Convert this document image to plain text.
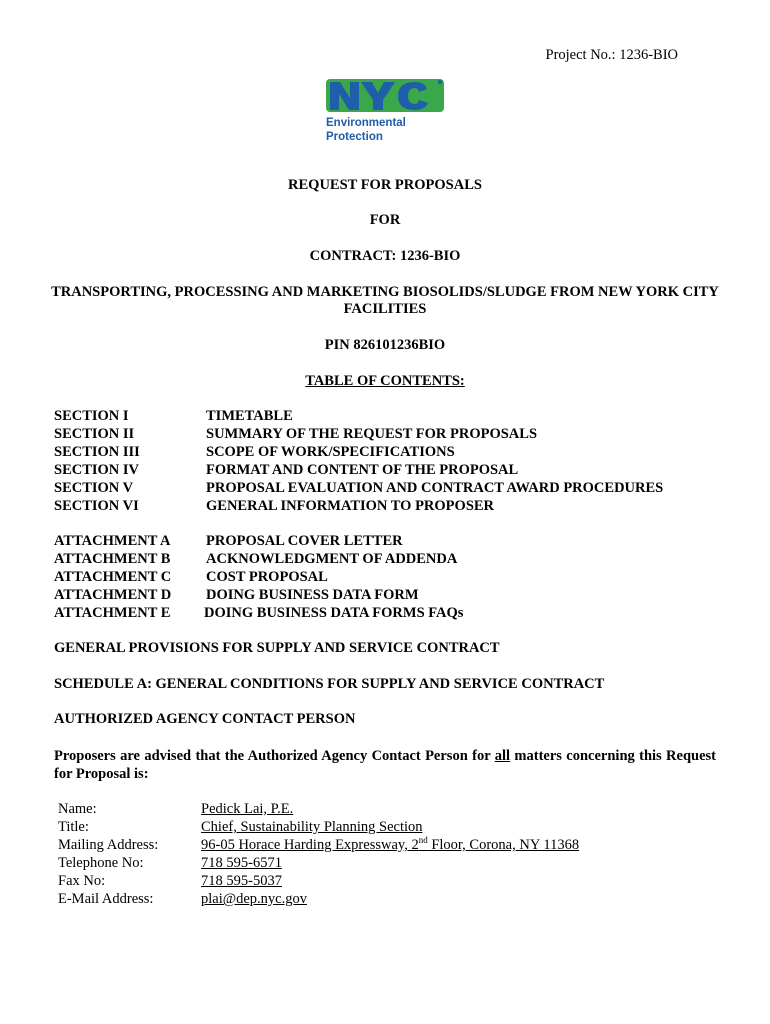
Project No.: 1236-BIO
Environmental
Protection
REQUEST FOR PROPOSALS
FOR
CONTRACT: 1236-BIO
TRANSPORTING, PROCESSING AND MARKETING BIOSOLIDS/SLUDGE FROM NEW YORK CITY FACILITIES
PIN 826101236BIO
TABLE OF CONTENTS:
SECTION I	TIMETABLE
SECTION II	SUMMARY OF THE REQUEST FOR PROPOSALS
SECTION III	SCOPE OF WORK/SPECIFICATIONS
SECTION IV	FORMAT AND CONTENT OF THE PROPOSAL
SECTION V	PROPOSAL EVALUATION AND CONTRACT AWARD PROCEDURES
SECTION VI	GENERAL INFORMATION TO PROPOSER
ATTACHMENT A	PROPOSAL COVER LETTER
ATTACHMENT B	ACKNOWLEDGMENT OF ADDENDA
ATTACHMENT C	COST PROPOSAL
ATTACHMENT D	DOING BUSINESS DATA FORM
ATTACHMENT E	DOING BUSINESS DATA FORMS FAQs
GENERAL PROVISIONS FOR SUPPLY AND SERVICE CONTRACT
SCHEDULE A: GENERAL CONDITIONS FOR SUPPLY AND SERVICE CONTRACT
AUTHORIZED AGENCY CONTACT PERSON
Proposers are advised that the Authorized Agency Contact Person for all matters concerning this Request for Proposal is:
Name:	Pedick Lai, P.E.
Title:	Chief, Sustainability Planning Section
Mailing Address:	96-05 Horace Harding Expressway, 2nd Floor, Corona, NY 11368
Telephone No:	718 595-6571
Fax No:	718 595-5037
E-Mail Address:	plai@dep.nyc.gov
